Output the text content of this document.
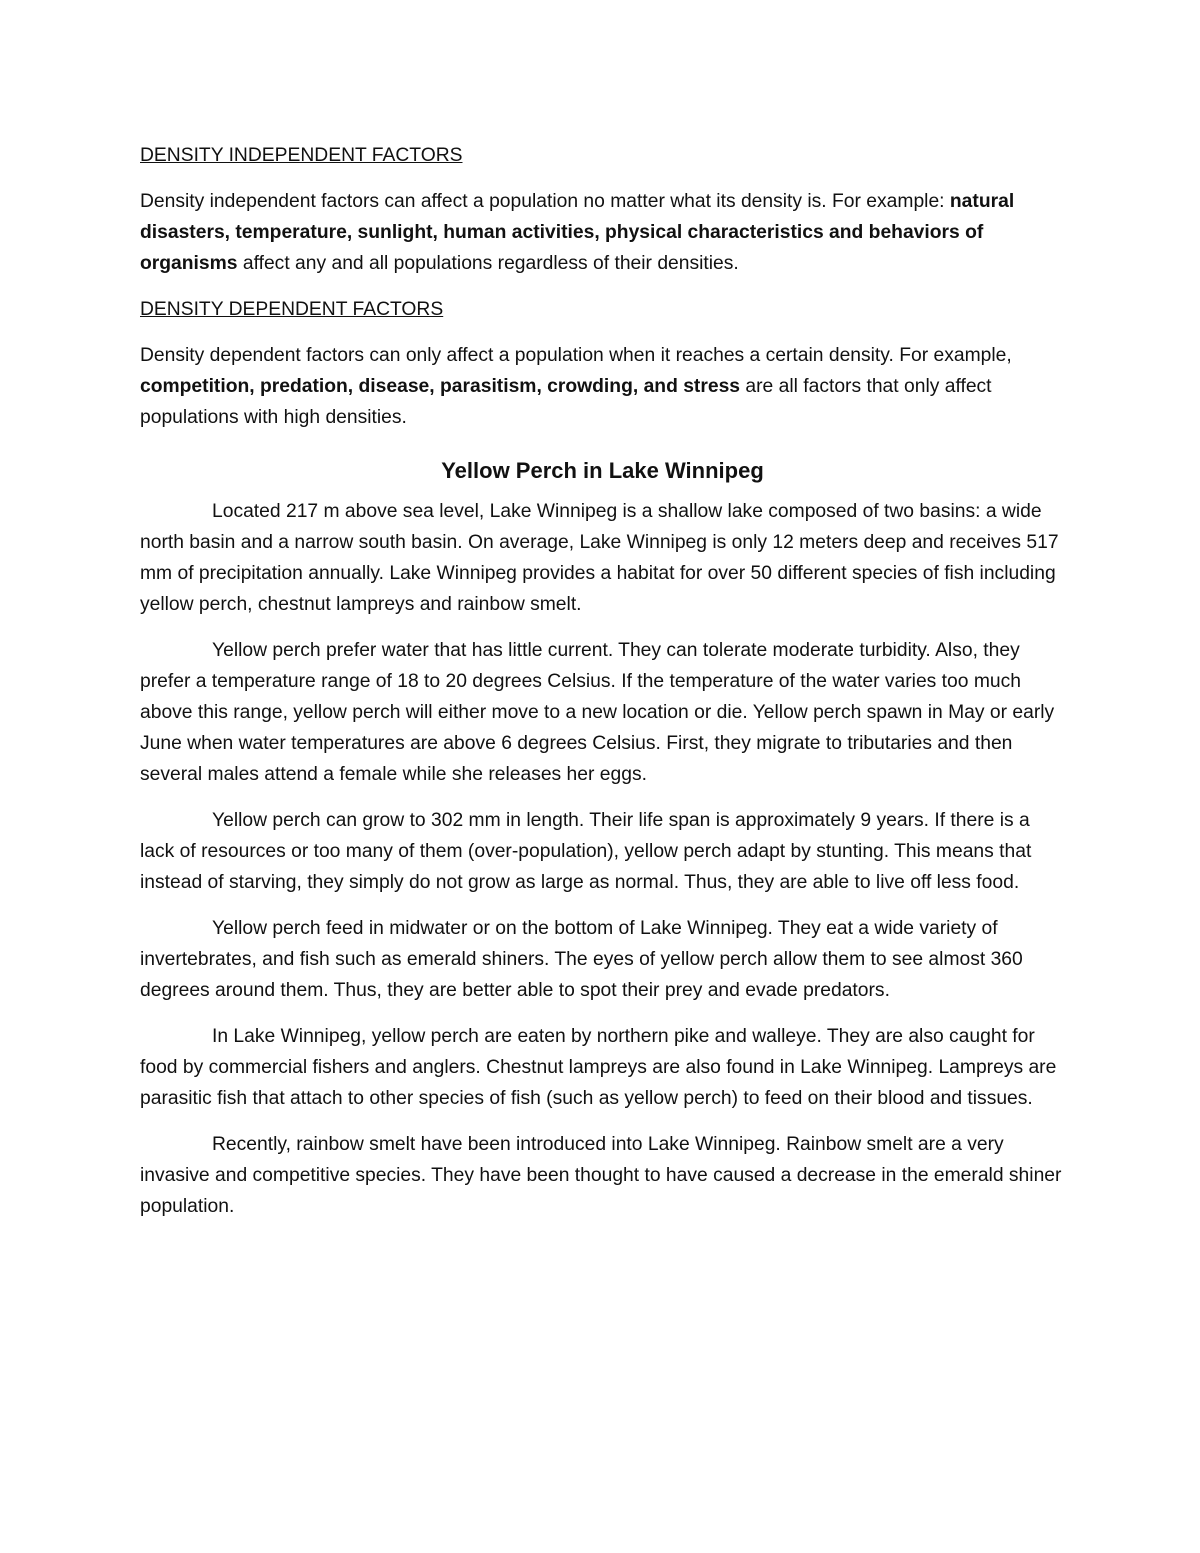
DENSITY INDEPENDENT FACTORS

Density independent factors can affect a population no matter what its density is. For example: natural disasters, temperature, sunlight, human activities, physical characteristics and behaviors of organisms affect any and all populations regardless of their densities.

DENSITY DEPENDENT FACTORS

Density dependent factors can only affect a population when it reaches a certain density. For example, competition, predation, disease, parasitism, crowding, and stress are all factors that only affect populations with high densities.

Yellow Perch in Lake Winnipeg

Located 217 m above sea level, Lake Winnipeg is a shallow lake composed of two basins: a wide north basin and a narrow south basin. On average, Lake Winnipeg is only 12 meters deep and receives 517 mm of precipitation annually. Lake Winnipeg provides a habitat for over 50 different species of fish including yellow perch, chestnut lampreys and rainbow smelt.

Yellow perch prefer water that has little current. They can tolerate moderate turbidity. Also, they prefer a temperature range of 18 to 20 degrees Celsius. If the temperature of the water varies too much above this range, yellow perch will either move to a new location or die. Yellow perch spawn in May or early June when water temperatures are above 6 degrees Celsius. First, they migrate to tributaries and then several males attend a female while she releases her eggs.

Yellow perch can grow to 302 mm in length. Their life span is approximately 9 years. If there is a lack of resources or too many of them (over-population), yellow perch adapt by stunting. This means that instead of starving, they simply do not grow as large as normal. Thus, they are able to live off less food.

Yellow perch feed in midwater or on the bottom of Lake Winnipeg. They eat a wide variety of invertebrates, and fish such as emerald shiners. The eyes of yellow perch allow them to see almost 360 degrees around them. Thus, they are better able to spot their prey and evade predators.

In Lake Winnipeg, yellow perch are eaten by northern pike and walleye. They are also caught for food by commercial fishers and anglers. Chestnut lampreys are also found in Lake Winnipeg. Lampreys are parasitic fish that attach to other species of fish (such as yellow perch) to feed on their blood and tissues.

Recently, rainbow smelt have been introduced into Lake Winnipeg. Rainbow smelt are a very invasive and competitive species. They have been thought to have caused a decrease in the emerald shiner population.
